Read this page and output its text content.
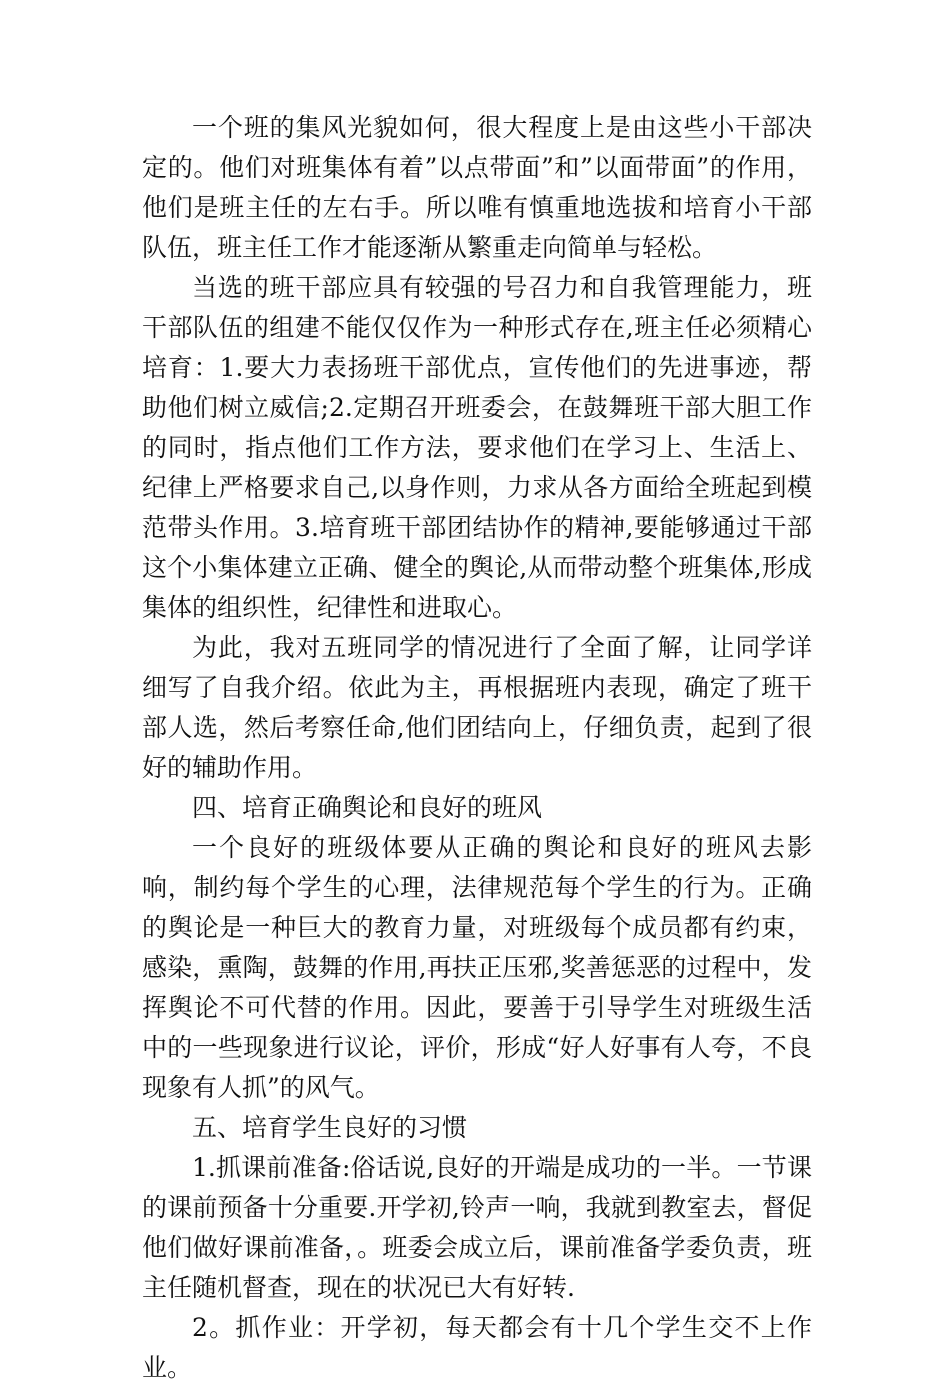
一个班的集风光貌如何，很大程度上是由这些小干部决定的。他们对班集体有着”以点带面”和”以面带面”的作用，他们是班主任的左右手。所以唯有慎重地选拔和培育小干部队伍，班主任工作才能逐渐从繁重走向简单与轻松。

当选的班干部应具有较强的号召力和自我管理能力，班干部队伍的组建不能仅仅作为一种形式存在,班主任必须精心培育：1.要大力表扬班干部优点，宣传他们的先进事迹，帮助他们树立威信;2.定期召开班委会，在鼓舞班干部大胆工作的同时，指点他们工作方法，要求他们在学习上、生活上、纪律上严格要求自己,以身作则，力求从各方面给全班起到模范带头作用。3.培育班干部团结协作的精神,要能够通过干部这个小集体建立正确、健全的舆论,从而带动整个班集体,形成集体的组织性，纪律性和进取心。

为此，我对五班同学的情况进行了全面了解，让同学详细写了自我介绍。依此为主，再根据班内表现，确定了班干部人选，然后考察任命,他们团结向上，仔细负责，起到了很好的辅助作用。

四、培育正确舆论和良好的班风

一个良好的班级体要从正确的舆论和良好的班风去影响，制约每个学生的心理，法律规范每个学生的行为。正确的舆论是一种巨大的教育力量，对班级每个成员都有约束，感染，熏陶，鼓舞的作用,再扶正压邪,奖善惩恶的过程中，发挥舆论不可代替的作用。因此，要善于引导学生对班级生活中的一些现象进行议论，评价，形成“好人好事有人夸，不良现象有人抓”的风气。

五、培育学生良好的习惯

1.抓课前准备:俗话说,良好的开端是成功的一半。一节课的课前预备十分重要.开学初,铃声一响，我就到教室去，督促他们做好课前准备，。班委会成立后，课前准备学委负责，班主任随机督查，现在的状况已大有好转.

2。抓作业：开学初，每天都会有十几个学生交不上作业。
